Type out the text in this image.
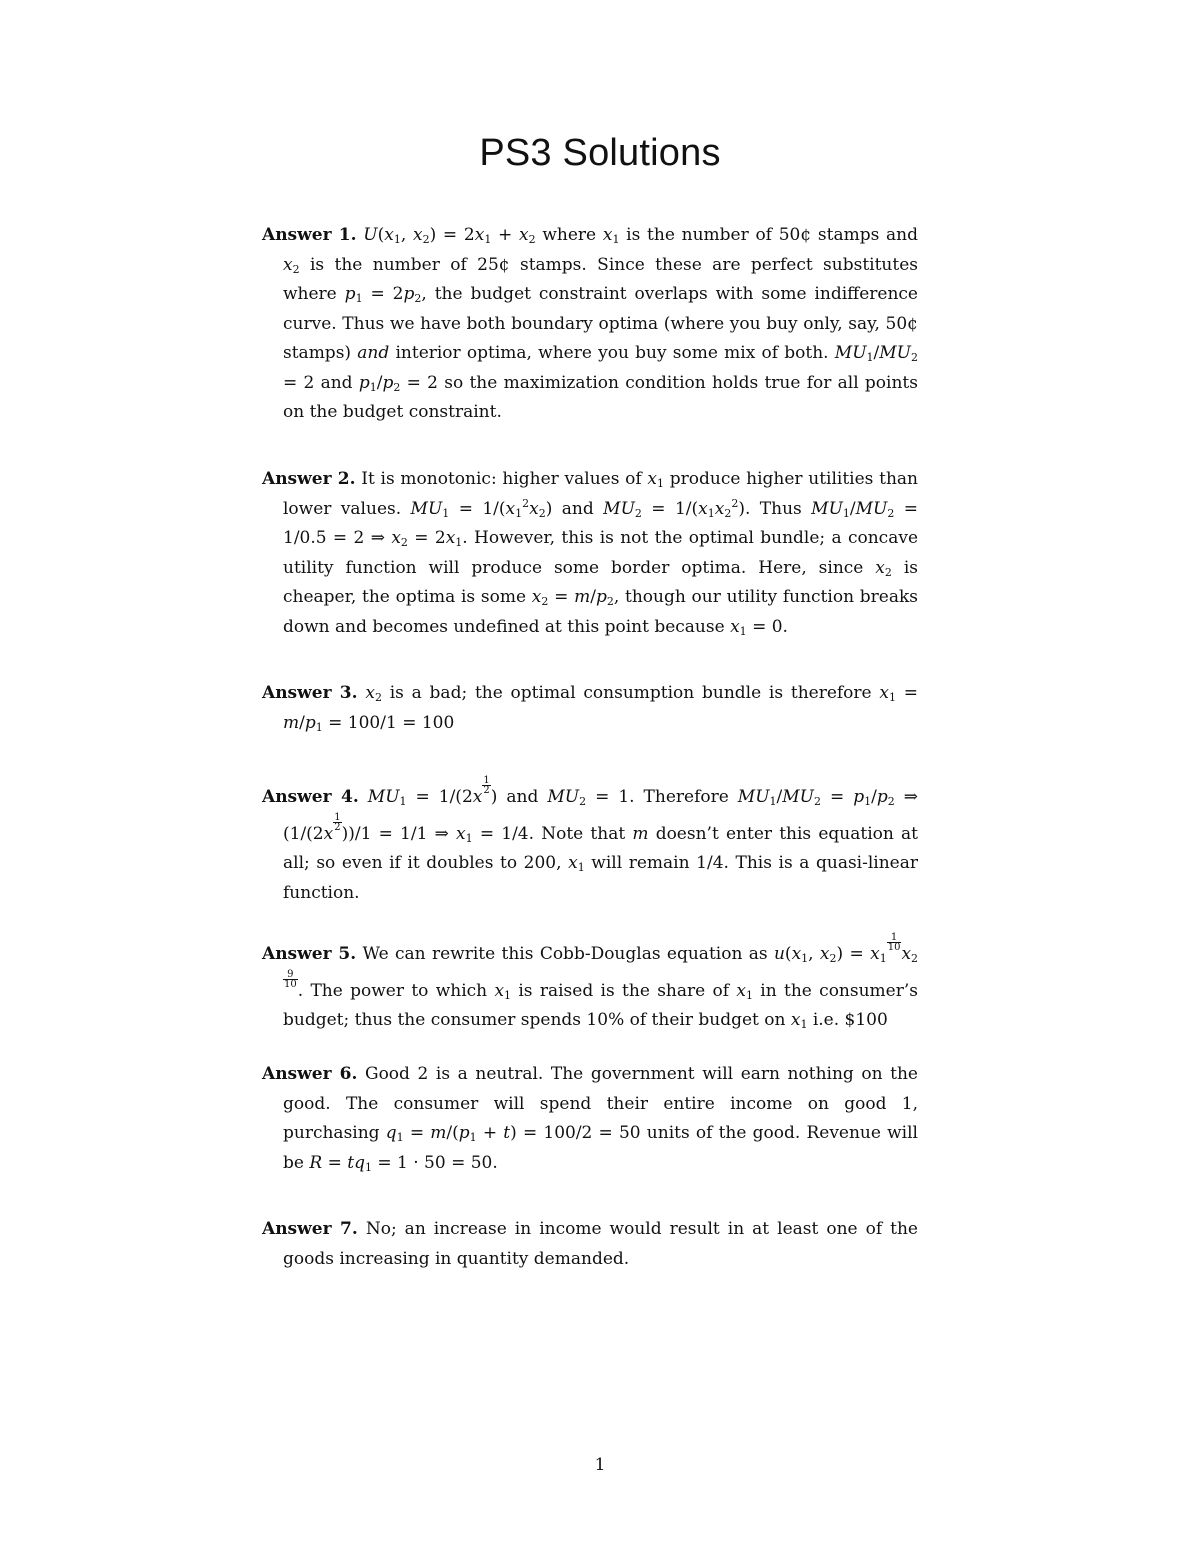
PS3 Solutions
Answer 1. $U(x_1$, $x_2) = 2x_1 + x_2$ where $x_1$ is the number of 50¢ stamps and $x_2$ is the number of 25¢ stamps. Since these are perfect substitutes where $p_1 = 2p_2$, the budget constraint overlaps with some indifference curve. Thus we have both boundary optima (where you buy only, say, 50¢ stamps) and interior optima, where you buy some mix of both. $MU_1/MU_2 = 2$ and $p_1/p_2 = 2$ so the maximization condition holds true for all points on the budget constraint.
Answer 2. It is monotonic: higher values of $x_1$ produce higher utilities than lower values. $MU_1 = 1/(x_1^2x_2)$ and $MU_2 = 1/(x_1x_2^2)$. Thus $MU_1/MU_2 = 1/0.5 = 2$ ⇒ $x_2 = 2x_1$. However, this is not the optimal bundle; a concave utility function will produce some border optima. Here, since $x_2$ is cheaper, the optima is some $x_2 = m/p_2$, though our utility function breaks down and becomes undefined at this point because $x_1 = 0$.
Answer 3. $x_2$ is a bad; the optimal consumption bundle is therefore $x_1 = m/p_1 = 100/1 = 100$
Answer 4. $MU_1 = 1/(2x$
$\frac{1}{2}$
) and $MU_2 = 1$. Therefore $MU_1/MU_2 = p_1/p_2$ ⇒ (1/(2x
$\frac{1}{2}$
))/1 = 1/1 ⇒ $x_1 = 1/4$. Note that m doesn’t enter this equation at all; so even if it doubles to 200, $x_1$ will remain 1/4. This is a quasi-linear function.
Answer 5. We can rewrite this Cobb-Douglas equation as $u(x_1$, $x_2) = x_1$
$\frac{1}{10}$
$x_2$
$\frac{9}{10}$
. The power to which $x_1$ is raised is the share of $x_1$ in the consumer’s budget; thus the consumer spends 10% of their budget on $x_1$ i.e. $100
Answer 6. Good 2 is a neutral. The government will earn nothing on the good. The consumer will spend their entire income on good 1, purchasing $q_1 = m/(p_1 + t) = 100/2 = 50$ units of the good. Revenue will be $R = tq_1 = 1 \cdot 50 = 50$.
Answer 7. No; an increase in income would result in at least one of the goods increasing in quantity demanded.
1
